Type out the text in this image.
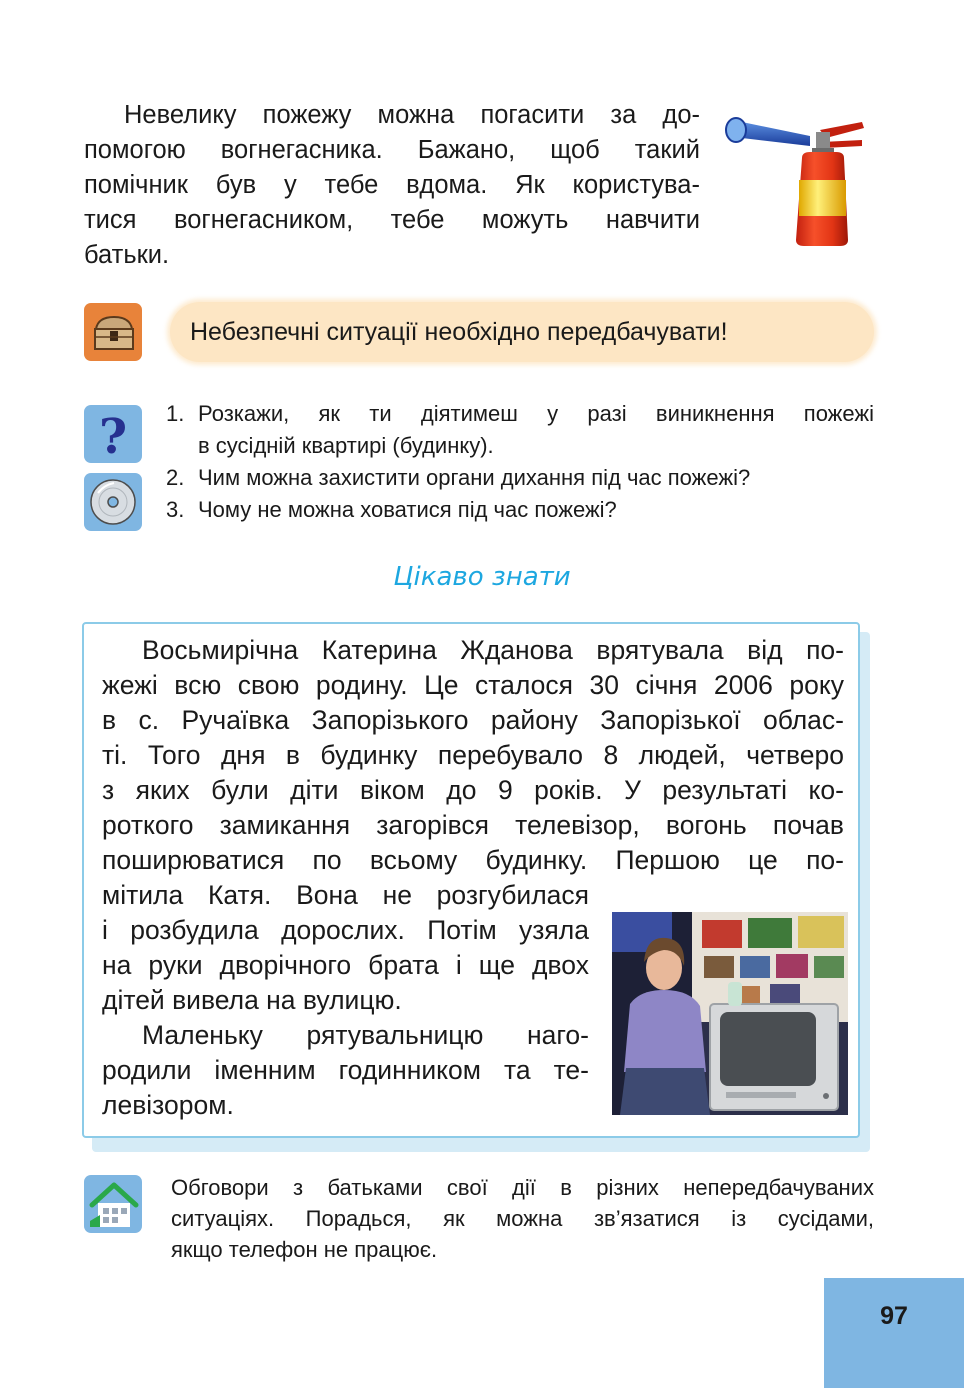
Невелику пожежу можна погасити за до-
помогою вогнегасника. Бажано, щоб такий
помічник був у тебе вдома. Як користува-
тися вогнегасником, тебе можуть навчити
батьки.
Небезпечні ситуації необхідно передбачувати!
? 1. Розкажи, як ти діятимеш у разі виникнення пожежі
в сусідній квартирі (будинку).
2. Чим можна захистити органи дихання під час пожежі?
3. Чому не можна ховатися під час пожежі?
Цікаво знати
Восьмирічна Катерина Жданова врятувала від по-
жежі всю свою родину. Це сталося 30 січня 2006 року
в с. Ручаївка Запорізького району Запорізької облас-
ті. Того дня в будинку перебувало 8 людей, четверо
з яких були діти віком до 9 років. У результаті ко-
роткого замикання загорівся телевізор, вогонь почав
поширюватися по всьому будинку. Першою це по-
мітила Катя. Вона не розгубилася
і розбудила дорослих. Потім узяла
на руки дворічного брата і ще двох
дітей вивела на вулицю.
Маленьку рятувальницю наго-
родили іменним годинником та те-
левізором.
Обговори з батьками свої дії в різних непередбачуваних
ситуаціях. Порадься, як можна зв’язатися із сусідами,
якщо телефон не працює.
97
